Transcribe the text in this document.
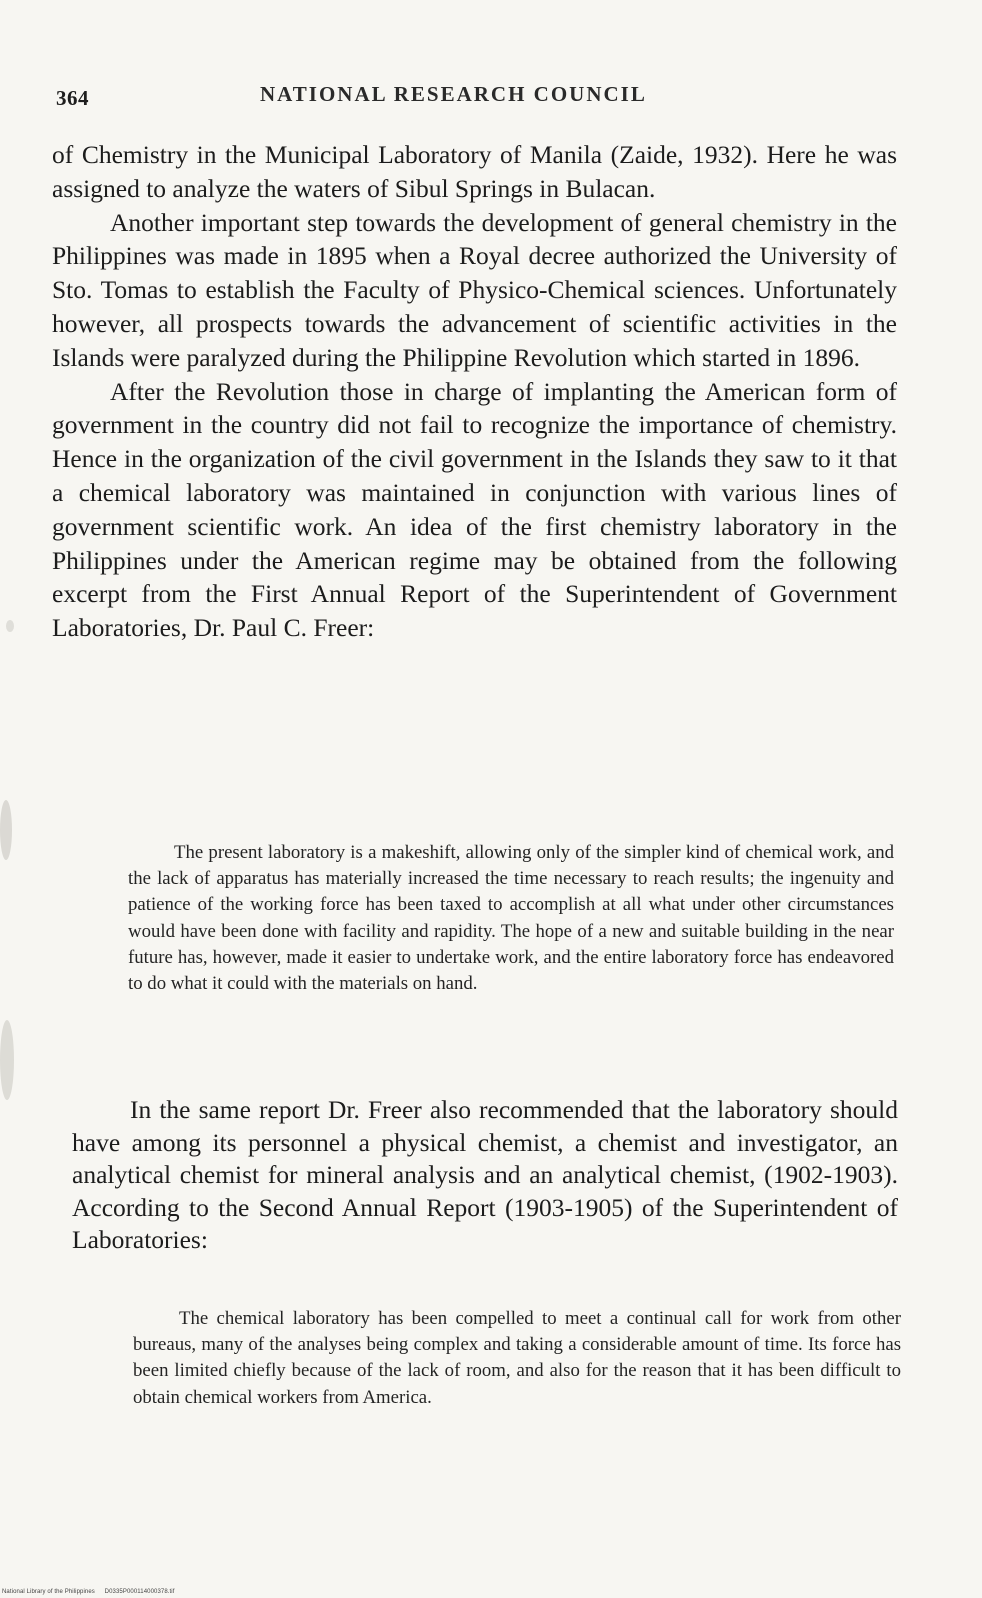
364	NATIONAL RESEARCH COUNCIL

of Chemistry in the Municipal Laboratory of Manila (Zaide, 1932). Here he was assigned to analyze the waters of Sibul Springs in Bulacan.

Another important step towards the development of general chemistry in the Philippines was made in 1895 when a Royal decree authorized the University of Sto. Tomas to establish the Faculty of Physico-Chemical sciences. Unfortunately however, all prospects towards the advancement of scientific activities in the Islands were paralyzed during the Philippine Revolution which started in 1896.

After the Revolution those in charge of implanting the American form of government in the country did not fail to recognize the importance of chemistry. Hence in the organization of the civil government in the Islands they saw to it that a chemical laboratory was maintained in conjunction with various lines of government scientific work. An idea of the first chemistry laboratory in the Philippines under the American regime may be obtained from the following excerpt from the First Annual Report of the Superintendent of Government Laboratories, Dr. Paul C. Freer:

The present laboratory is a makeshift, allowing only of the simpler kind of chemical work, and the lack of apparatus has materially increased the time necessary to reach results; the ingenuity and patience of the working force has been taxed to accomplish at all what under other circumstances would have been done with facility and rapidity. The hope of a new and suitable building in the near future has, however, made it easier to undertake work, and the entire laboratory force has endeavored to do what it could with the materials on hand.

In the same report Dr. Freer also recommended that the laboratory should have among its personnel a physical chemist, a chemist and investigator, an analytical chemist for mineral analysis and an analytical chemist, (1902-1903). According to the Second Annual Report (1903-1905) of the Superintendent of Laboratories:

The chemical laboratory has been compelled to meet a continual call for work from other bureaus, many of the analyses being complex and taking a considerable amount of time. Its force has been limited chiefly because of the lack of room, and also for the reason that it has been difficult to obtain chemical workers from America.

National Library of the Philippines D0335P000114000378.tif
